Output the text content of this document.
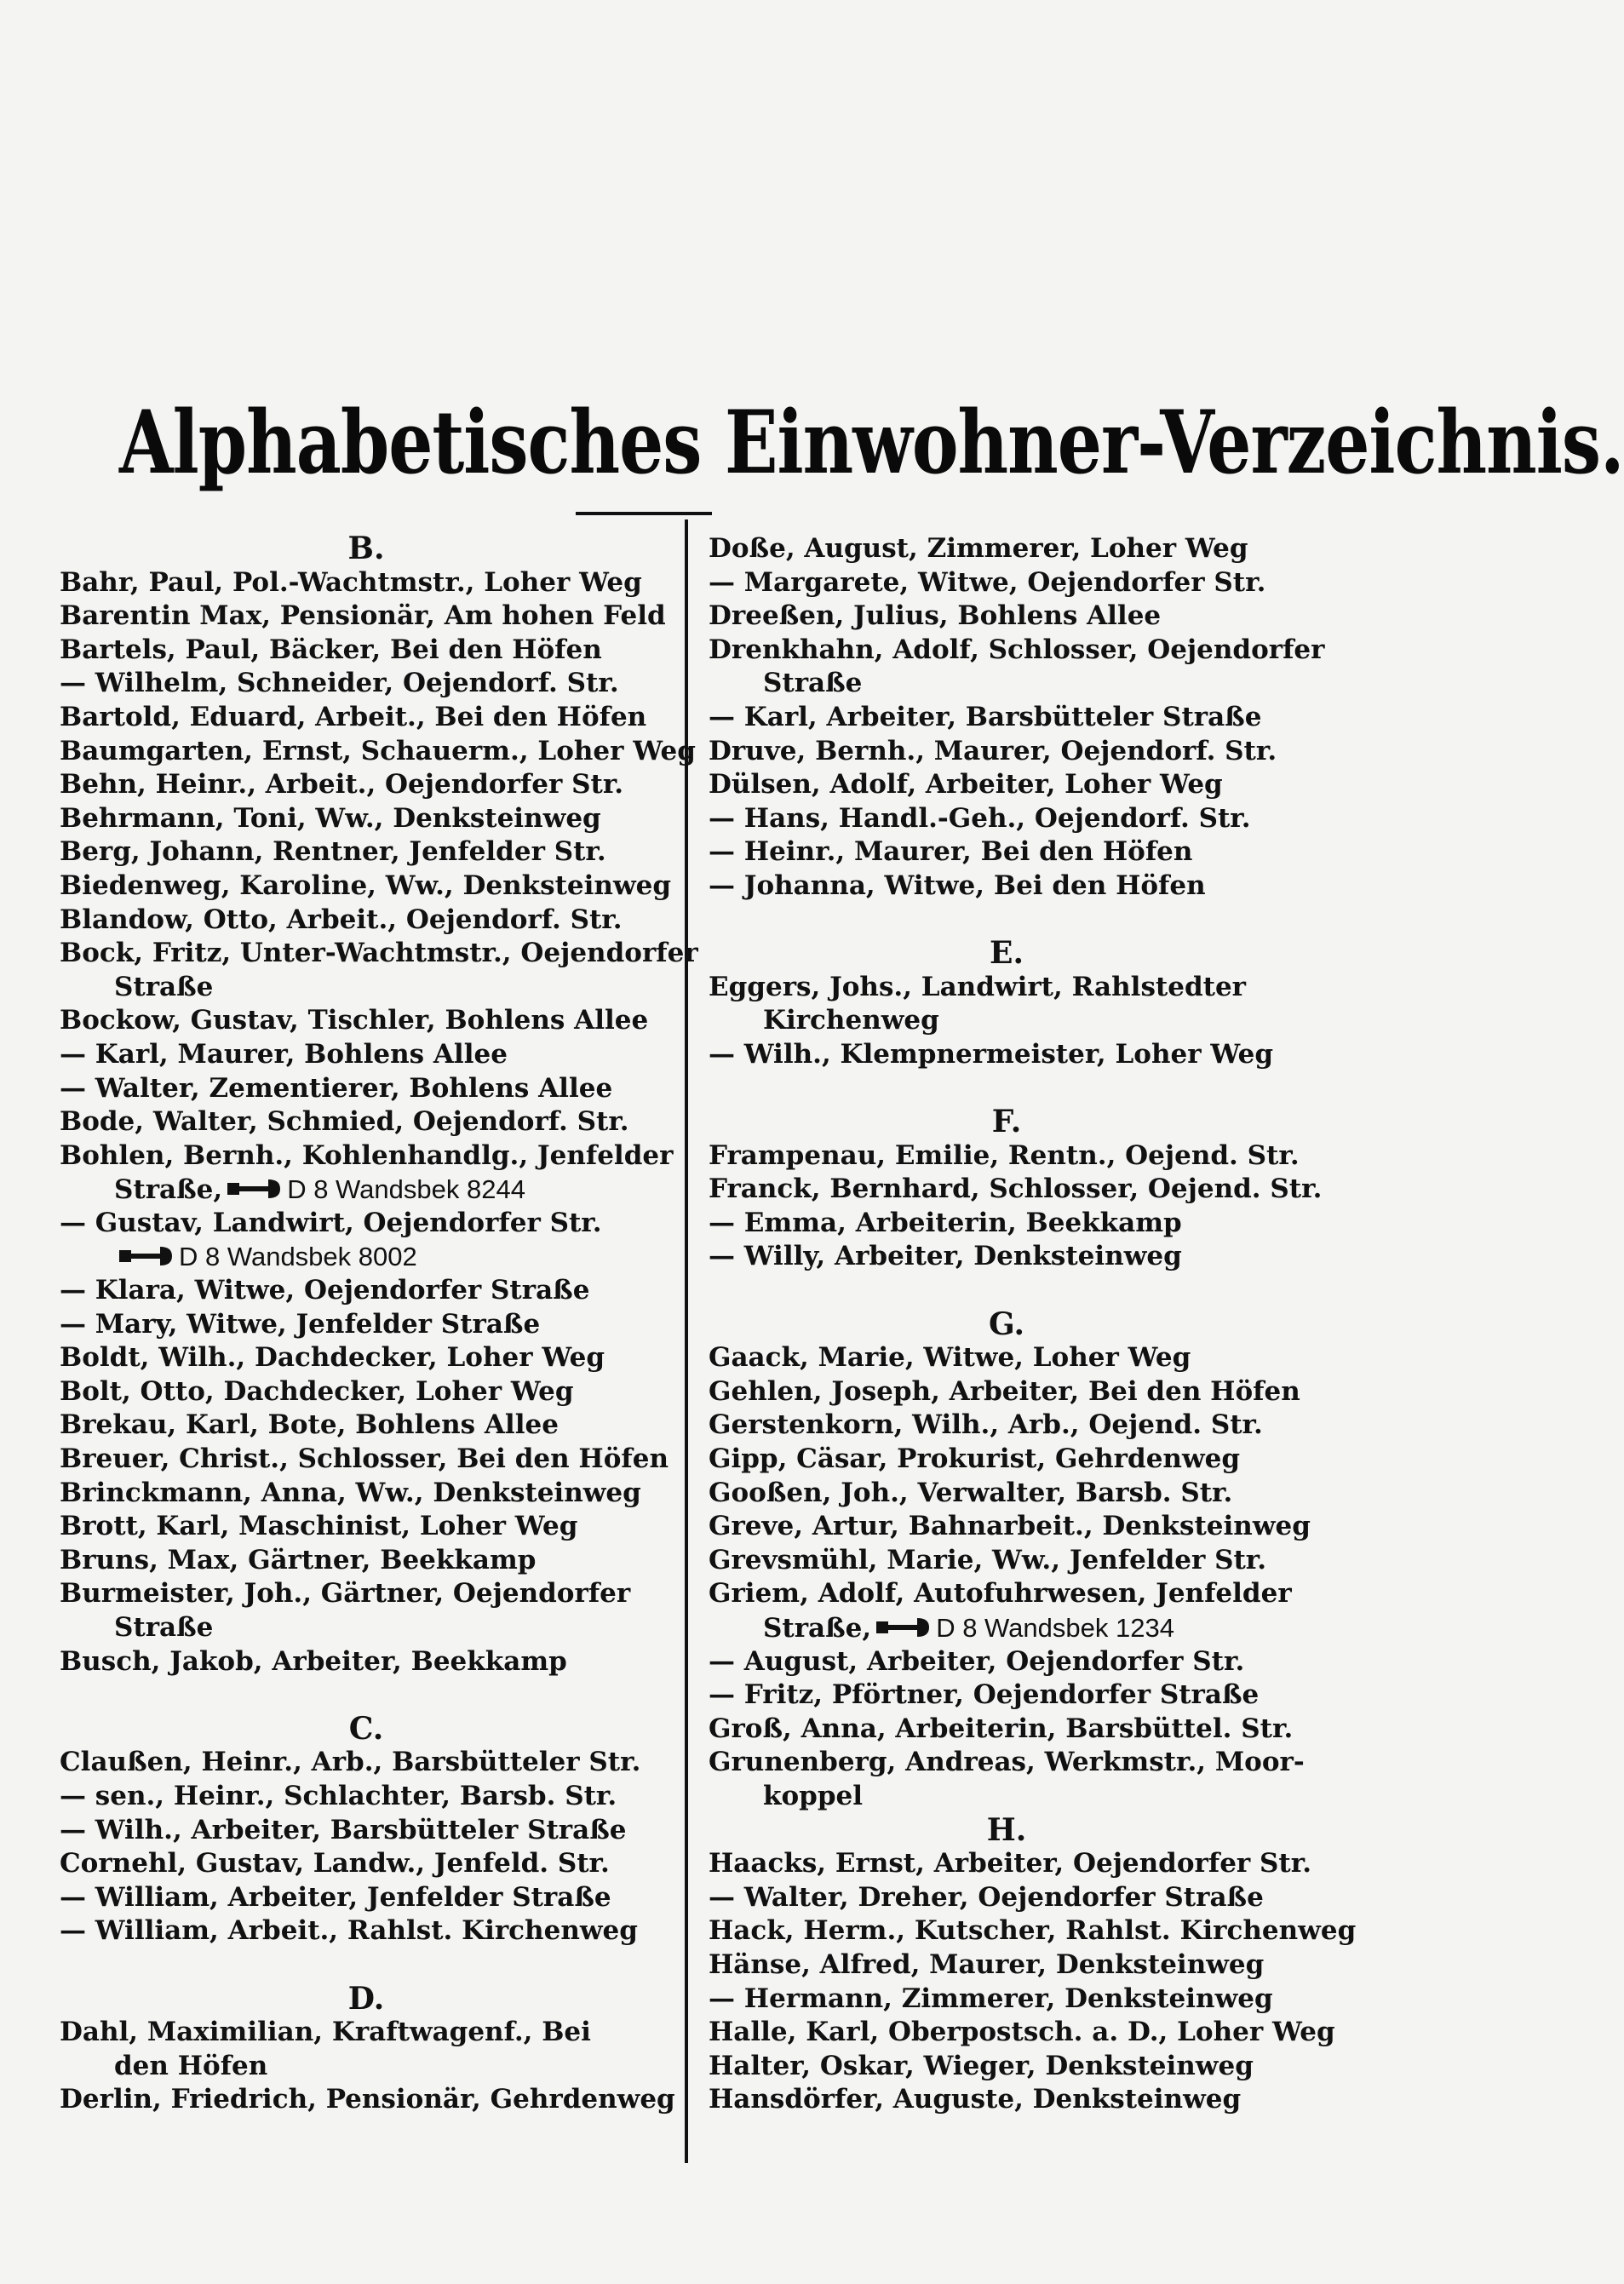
Alphabetisches Einwohner-Verzeichnis.
B.
Bahr, Paul, Pol.-Wachtmstr., Loher Weg
Barentin Max, Pensionär, Am hohen Feld
Bartels, Paul, Bäcker, Bei den Höfen
— Wilhelm, Schneider, Oejendorf. Str.
Bartold, Eduard, Arbeit., Bei den Höfen
Baumgarten, Ernst, Schauerm., Loher Weg
Behn, Heinr., Arbeit., Oejendorfer Str.
Behrmann, Toni, Ww., Denksteinweg
Berg, Johann, Rentner, Jenfelder Str.
Biedenweg, Karoline, Ww., Denksteinweg
Blandow, Otto, Arbeit., Oejendorf. Str.
Bock, Fritz, Unter-Wachtmstr., Oejendorfer
Straße
Bockow, Gustav, Tischler, Bohlens Allee
— Karl, Maurer, Bohlens Allee
— Walter, Zementierer, Bohlens Allee
Bode, Walter, Schmied, Oejendorf. Str.
Bohlen, Bernh., Kohlenhandlg., Jenfelder
Straße, D 8 Wandsbek 8244
— Gustav, Landwirt, Oejendorfer Str.
D 8 Wandsbek 8002
— Klara, Witwe, Oejendorfer Straße
— Mary, Witwe, Jenfelder Straße
Boldt, Wilh., Dachdecker, Loher Weg
Bolt, Otto, Dachdecker, Loher Weg
Brekau, Karl, Bote, Bohlens Allee
Breuer, Christ., Schlosser, Bei den Höfen
Brinckmann, Anna, Ww., Denksteinweg
Brott, Karl, Maschinist, Loher Weg
Bruns, Max, Gärtner, Beekkamp
Burmeister, Joh., Gärtner, Oejendorfer
Straße
Busch, Jakob, Arbeiter, Beekkamp
C.
Claußen, Heinr., Arb., Barsbütteler Str.
— sen., Heinr., Schlachter, Barsb. Str.
— Wilh., Arbeiter, Barsbütteler Straße
Cornehl, Gustav, Landw., Jenfeld. Str.
— William, Arbeiter, Jenfelder Straße
— William, Arbeit., Rahlst. Kirchenweg
D.
Dahl, Maximilian, Kraftwagenf., Bei
den Höfen
Derlin, Friedrich, Pensionär, Gehrdenweg
Doße, August, Zimmerer, Loher Weg
— Margarete, Witwe, Oejendorfer Str.
Dreeßen, Julius, Bohlens Allee
Drenkhahn, Adolf, Schlosser, Oejendorfer
Straße
— Karl, Arbeiter, Barsbütteler Straße
Druve, Bernh., Maurer, Oejendorf. Str.
Dülsen, Adolf, Arbeiter, Loher Weg
— Hans, Handl.-Geh., Oejendorf. Str.
— Heinr., Maurer, Bei den Höfen
— Johanna, Witwe, Bei den Höfen
E.
Eggers, Johs., Landwirt, Rahlstedter
Kirchenweg
— Wilh., Klempnermeister, Loher Weg
F.
Frampenau, Emilie, Rentn., Oejend. Str.
Franck, Bernhard, Schlosser, Oejend. Str.
— Emma, Arbeiterin, Beekkamp
— Willy, Arbeiter, Denksteinweg
G.
Gaack, Marie, Witwe, Loher Weg
Gehlen, Joseph, Arbeiter, Bei den Höfen
Gerstenkorn, Wilh., Arb., Oejend. Str.
Gipp, Cäsar, Prokurist, Gehrdenweg
Gooßen, Joh., Verwalter, Barsb. Str.
Greve, Artur, Bahnarbeit., Denksteinweg
Grevsmühl, Marie, Ww., Jenfelder Str.
Griem, Adolf, Autofuhrwesen, Jenfelder
Straße, D 8 Wandsbek 1234
— August, Arbeiter, Oejendorfer Str.
— Fritz, Pförtner, Oejendorfer Straße
Groß, Anna, Arbeiterin, Barsbüttel. Str.
Grunenberg, Andreas, Werkmstr., Moor-
koppel
H.
Haacks, Ernst, Arbeiter, Oejendorfer Str.
— Walter, Dreher, Oejendorfer Straße
Hack, Herm., Kutscher, Rahlst. Kirchenweg
Hänse, Alfred, Maurer, Denksteinweg
— Hermann, Zimmerer, Denksteinweg
Halle, Karl, Oberpostsch. a. D., Loher Weg
Halter, Oskar, Wieger, Denksteinweg
Hansdörfer, Auguste, Denksteinweg
